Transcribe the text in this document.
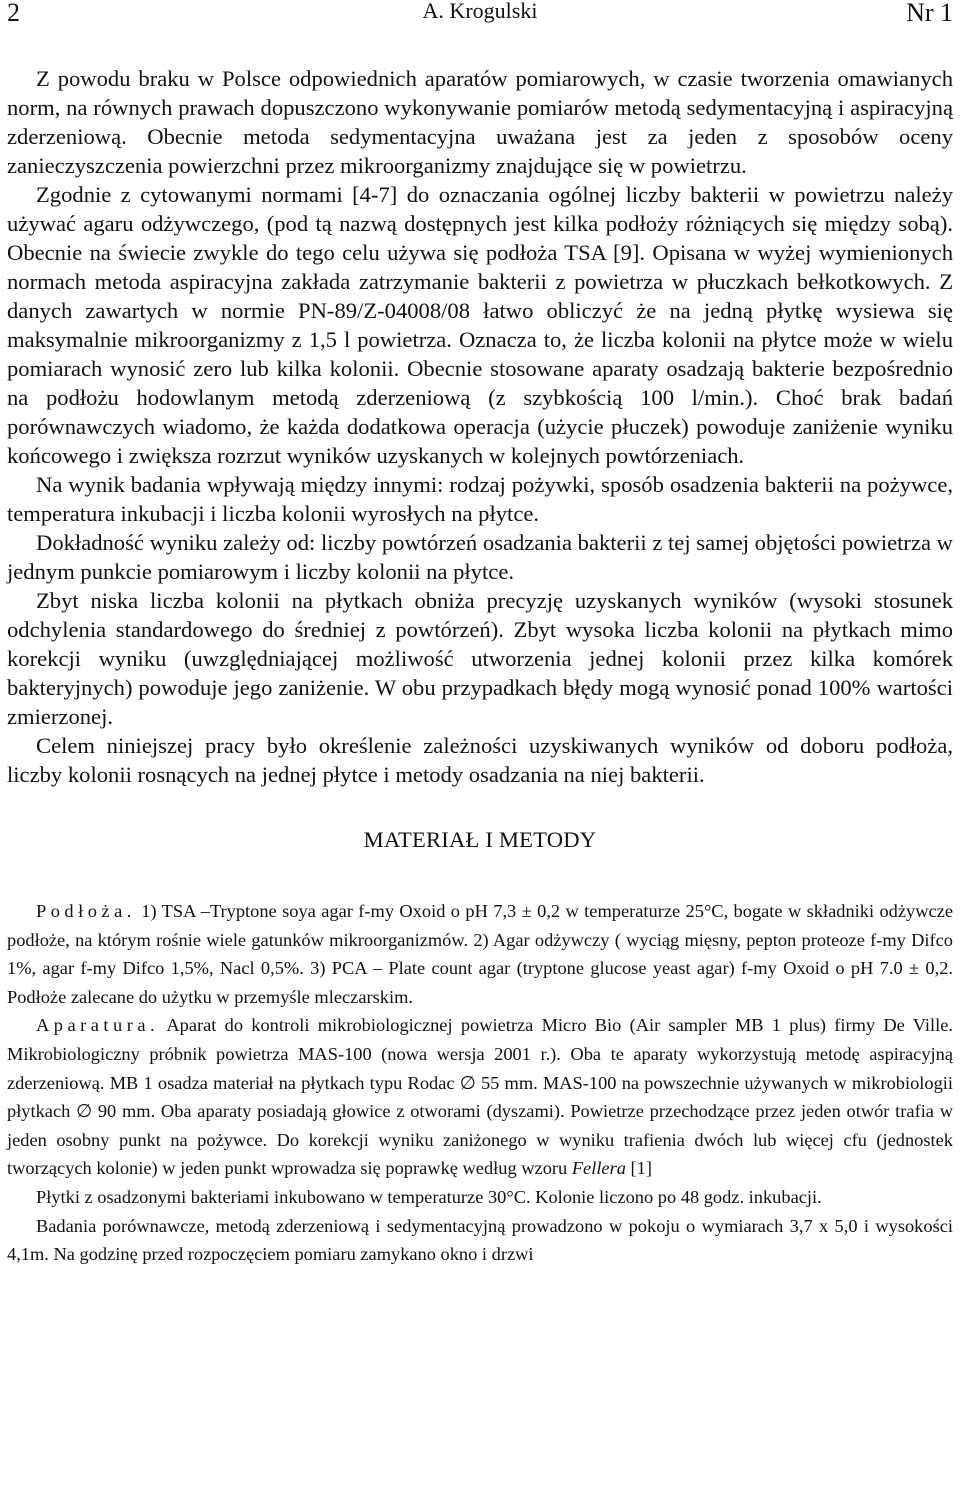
2	A. Krogulski	Nr 1

Z powodu braku w Polsce odpowiednich aparatów pomiarowych, w czasie tworzenia omawianych norm, na równych prawach dopuszczono wykonywanie pomiarów metodą sedymentacyjną i aspiracyjną zderzeniową. Obecnie metoda sedymentacyjna uważana jest za jeden z sposobów oceny zanieczyszczenia powierzchni przez mikroorganizmy znajdujące się w powietrzu.

Zgodnie z cytowanymi normami [4-7] do oznaczania ogólnej liczby bakterii w powietrzu należy używać agaru odżywczego, (pod tą nazwą dostępnych jest kilka podłoży różniących się między sobą). Obecnie na świecie zwykle do tego celu używa się podłoża TSA [9]. Opisana w wyżej wymienionych normach metoda aspiracyjna zakłada zatrzymanie bakterii z powietrza w płuczkach bełkotkowych. Z danych zawartych w normie PN-89/Z-04008/08 łatwo obliczyć że na jedną płytkę wysiewa się maksymalnie mikroorganizmy z 1,5 l powietrza. Oznacza to, że liczba kolonii na płytce może w wielu pomiarach wynosić zero lub kilka kolonii. Obecnie stosowane aparaty osadzają bakterie bezpośrednio na podłożu hodowlanym metodą zderzeniową (z szybkością 100 l/min.). Choć brak badań porównawczych wiadomo, że każda dodatkowa operacja (użycie płuczek) powoduje zaniżenie wyniku końcowego i zwiększa rozrzut wyników uzyskanych w kolejnych powtórzeniach.

Na wynik badania wpływają między innymi: rodzaj pożywki, sposób osadzenia bakterii na pożywce, temperatura inkubacji i liczba kolonii wyrosłych na płytce.

Dokładność wyniku zależy od: liczby powtórzeń osadzania bakterii z tej samej objętości powietrza w jednym punkcie pomiarowym i liczby kolonii na płytce.

Zbyt niska liczba kolonii na płytkach obniża precyzję uzyskanych wyników (wysoki stosunek odchylenia standardowego do średniej z powtórzeń). Zbyt wysoka liczba kolonii na płytkach mimo korekcji wyniku (uwzględniającej możliwość utworzenia jednej kolonii przez kilka komórek bakteryjnych) powoduje jego zaniżenie. W obu przypadkach błędy mogą wynosić ponad 100% wartości zmierzonej.

Celem niniejszej pracy było określenie zależności uzyskiwanych wyników od doboru podłoża, liczby kolonii rosnących na jednej płytce i metody osadzania na niej bakterii.

MATERIAŁ I METODY

Podłoża. 1) TSA –Tryptone soya agar f-my Oxoid o pH 7,3 ± 0,2 w temperaturze 25°C, bogate w składniki odżywcze podłoże, na którym rośnie wiele gatunków mikroorganizmów. 2) Agar odżywczy ( wyciąg mięsny, pepton proteoze f-my Difco 1%, agar f-my Difco 1,5%, Nacl 0,5%. 3) PCA – Plate count agar (tryptone glucose yeast agar) f-my Oxoid o pH 7.0 ± 0,2. Podłoże zalecane do użytku w przemyśle mleczarskim.

Aparatura. Aparat do kontroli mikrobiologicznej powietrza Micro Bio (Air sampler MB 1 plus) firmy De Ville. Mikrobiologiczny próbnik powietrza MAS-100 (nowa wersja 2001 r.). Oba te aparaty wykorzystują metodę aspiracyjną zderzeniową. MB 1 osadza materiał na płytkach typu Rodac ∅ 55 mm. MAS-100 na powszechnie używanych w mikrobiologii płytkach ∅ 90 mm. Oba aparaty posiadają głowice z otworami (dyszami). Powietrze przechodzące przez jeden otwór trafia w jeden osobny punkt na pożywce. Do korekcji wyniku zaniżonego w wyniku trafienia dwóch lub więcej cfu (jednostek tworzących kolonie) w jeden punkt wprowadza się poprawkę według wzoru Fellera [1]

Płytki z osadzonymi bakteriami inkubowano w temperaturze 30°C. Kolonie liczono po 48 godz. inkubacji.

Badania porównawcze, metodą zderzeniową i sedymentacyjną prowadzono w pokoju o wymiarach 3,7 x 5,0 i wysokości 4,1m. Na godzinę przed rozpoczęciem pomiaru zamykano okno i drzwi
